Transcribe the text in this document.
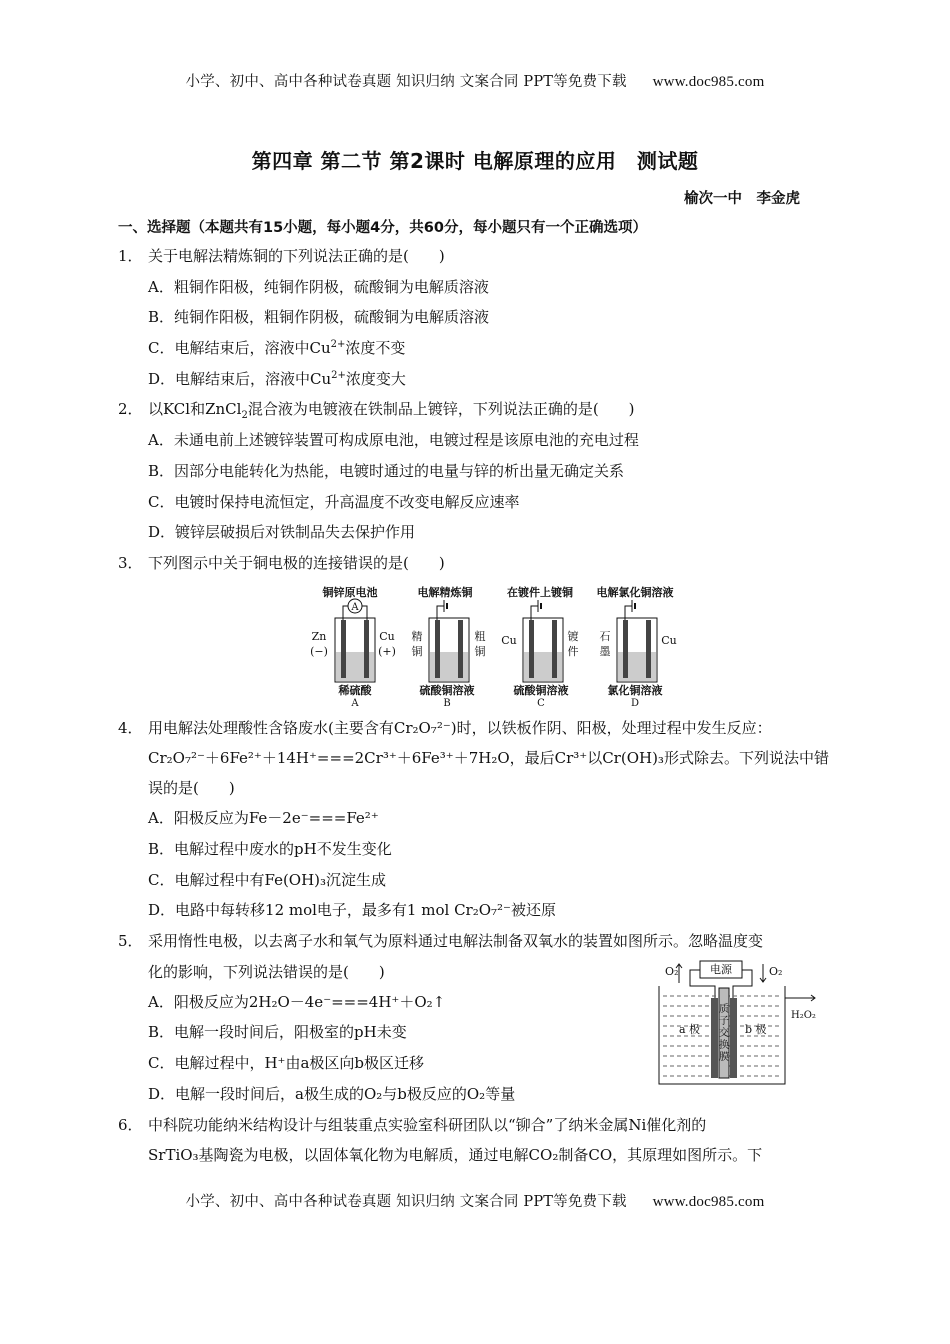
小学、初中、高中各种试卷真题 知识归纳 文案合同 PPT等免费下载 www.doc985.com
第四章 第二节 第2课时 电解原理的应用　测试题
榆次一中　李金虎
一、选择题（本题共有15小题，每小题4分，共60分，每小题只有一个正确选项）
1． 关于电解法精炼铜的下列说法正确的是(　　)
A．粗铜作阳极，纯铜作阴极，硫酸铜为电解质溶液
B．纯铜作阳极，粗铜作阴极，硫酸铜为电解质溶液
C．电解结束后，溶液中$Cu^{2+}$浓度不变
D．电解结束后，溶液中$Cu^{2+}$浓度变大
2． 以KCl和ZnCl$_2$混合液为电镀液在铁制品上镀锌，下列说法正确的是(　　)
A．未通电前上述镀锌装置可构成原电池，电镀过程是该原电池的充电过程
B．因部分电能转化为热能，电镀时通过的电量与锌的析出量无确定关系
C．电镀时保持电流恒定，升高温度不改变电解反应速率
D．镀锌层破损后对铁制品失去保护作用
3． 下列图示中关于铜电极的连接错误的是(　　)
铜锌原电池
A
Zn
(−)
Cu
(+)
稀硫酸
A
电解精炼铜
精
铜
粗
铜
硫酸铜溶液
B
在镀件上镀铜
Cu	镀
件
硫酸铜溶液
C
电解氯化铜溶液
石
墨
Cu
氯化铜溶液
D
4． 用电解法处理酸性含铬废水(主要含有Cr₂O₇²⁻)时，以铁板作阴、阳极，处理过程中发生反应：
Cr₂O₇²⁻＋6Fe²⁺＋14H⁺===2Cr³⁺＋6Fe³⁺＋7H₂O，最后Cr³⁺以Cr(OH)₃形式除去。下列说法中错
误的是(　　)
A．阳极反应为Fe－2e⁻===Fe²⁺
B．电解过程中废水的pH不发生变化
C．电解过程中有Fe(OH)₃沉淀生成
D．电路中每转移12 mol电子，最多有1 mol Cr₂O₇²⁻被还原
5． 采用惰性电极，以去离子水和氧气为原料通过电解法制备双氧水的装置如图所示。忽略温度变
化的影响，下列说法错误的是(　　)
A．阳极反应为2H₂O－4e⁻===4H⁺＋O₂↑
B．电解一段时间后，阳极室的pH未变
C．电解过程中，H⁺由a极区向b极区迁移
D．电解一段时间后，a极生成的O₂与b极反应的O₂等量
电源
O₂	O₂
质
子
交
换
膜
a 极	b 极
H₂O₂
6． 中科院功能纳米结构设计与组装重点实验室科研团队以“铆合”了纳米金属Ni催化剂的
SrTiO₃基陶瓷为电极，以固体氧化物为电解质，通过电解CO₂制备CO，其原理如图所示。下
小学、初中、高中各种试卷真题 知识归纳 文案合同 PPT等免费下载 www.doc985.com
